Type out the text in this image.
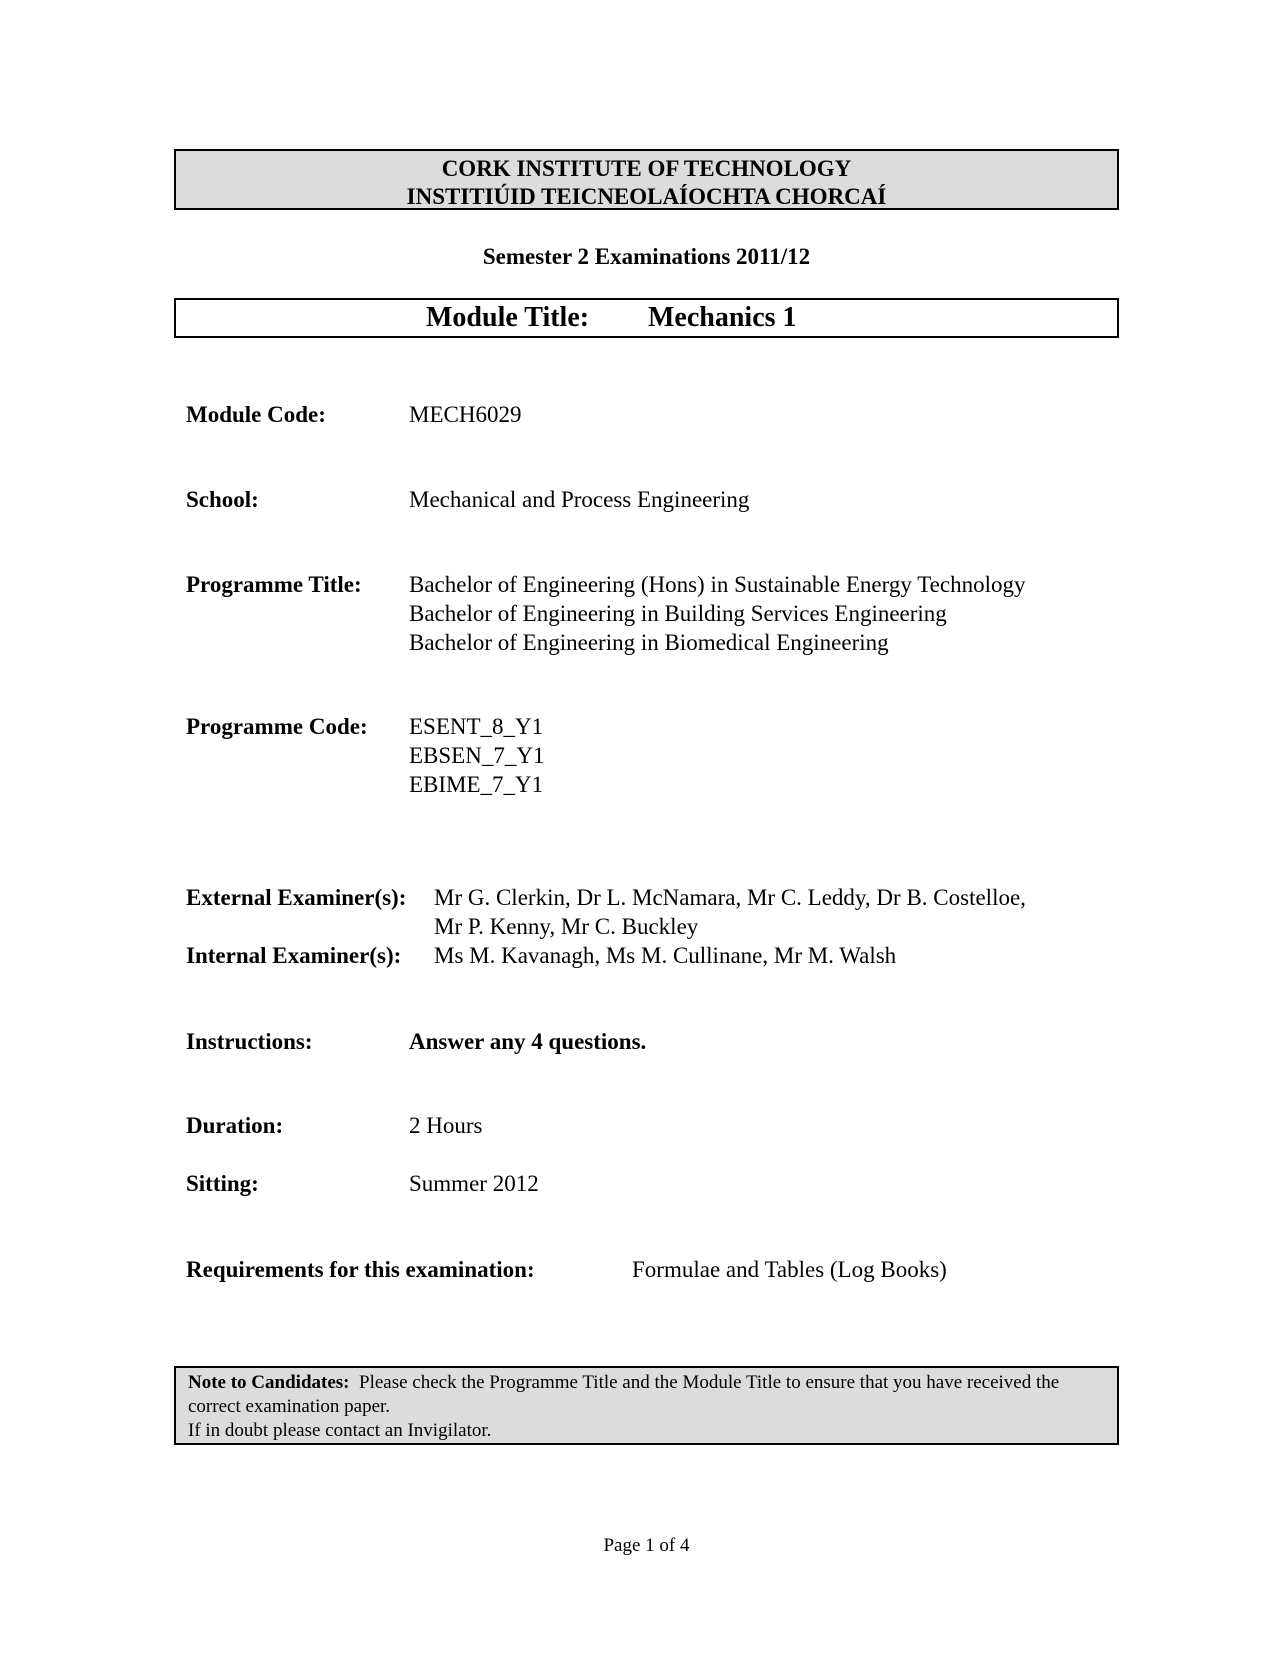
CORK INSTITUTE OF TECHNOLOGY
INSTITIÚID TEICNEOLAÍOCHTA CHORCAÍ
Semester 2 Examinations 2011/12
Module Title: Mechanics 1
Module Code:	MECH6029
School:	Mechanical and Process Engineering
Programme Title: Bachelor of Engineering (Hons) in Sustainable Energy Technology
Bachelor of Engineering in Building Services Engineering
Bachelor of Engineering in Biomedical Engineering
Programme Code: ESENT_8_Y1
EBSEN_7_Y1
EBIME_7_Y1
External Examiner(s): Mr G. Clerkin, Dr L. McNamara, Mr C. Leddy, Dr B. Costelloe,
Mr P. Kenny, Mr C. Buckley
Internal Examiner(s): Ms M. Kavanagh, Ms M. Cullinane, Mr M. Walsh
Instructions:	Answer any 4 questions.
Duration:	2 Hours
Sitting:	Summer 2012
Requirements for this examination:	Formulae and Tables (Log Books)
Note to Candidates: Please check the Programme Title and the Module Title to ensure that you have received the correct examination paper.
If in doubt please contact an Invigilator.
Page 1 of 4
